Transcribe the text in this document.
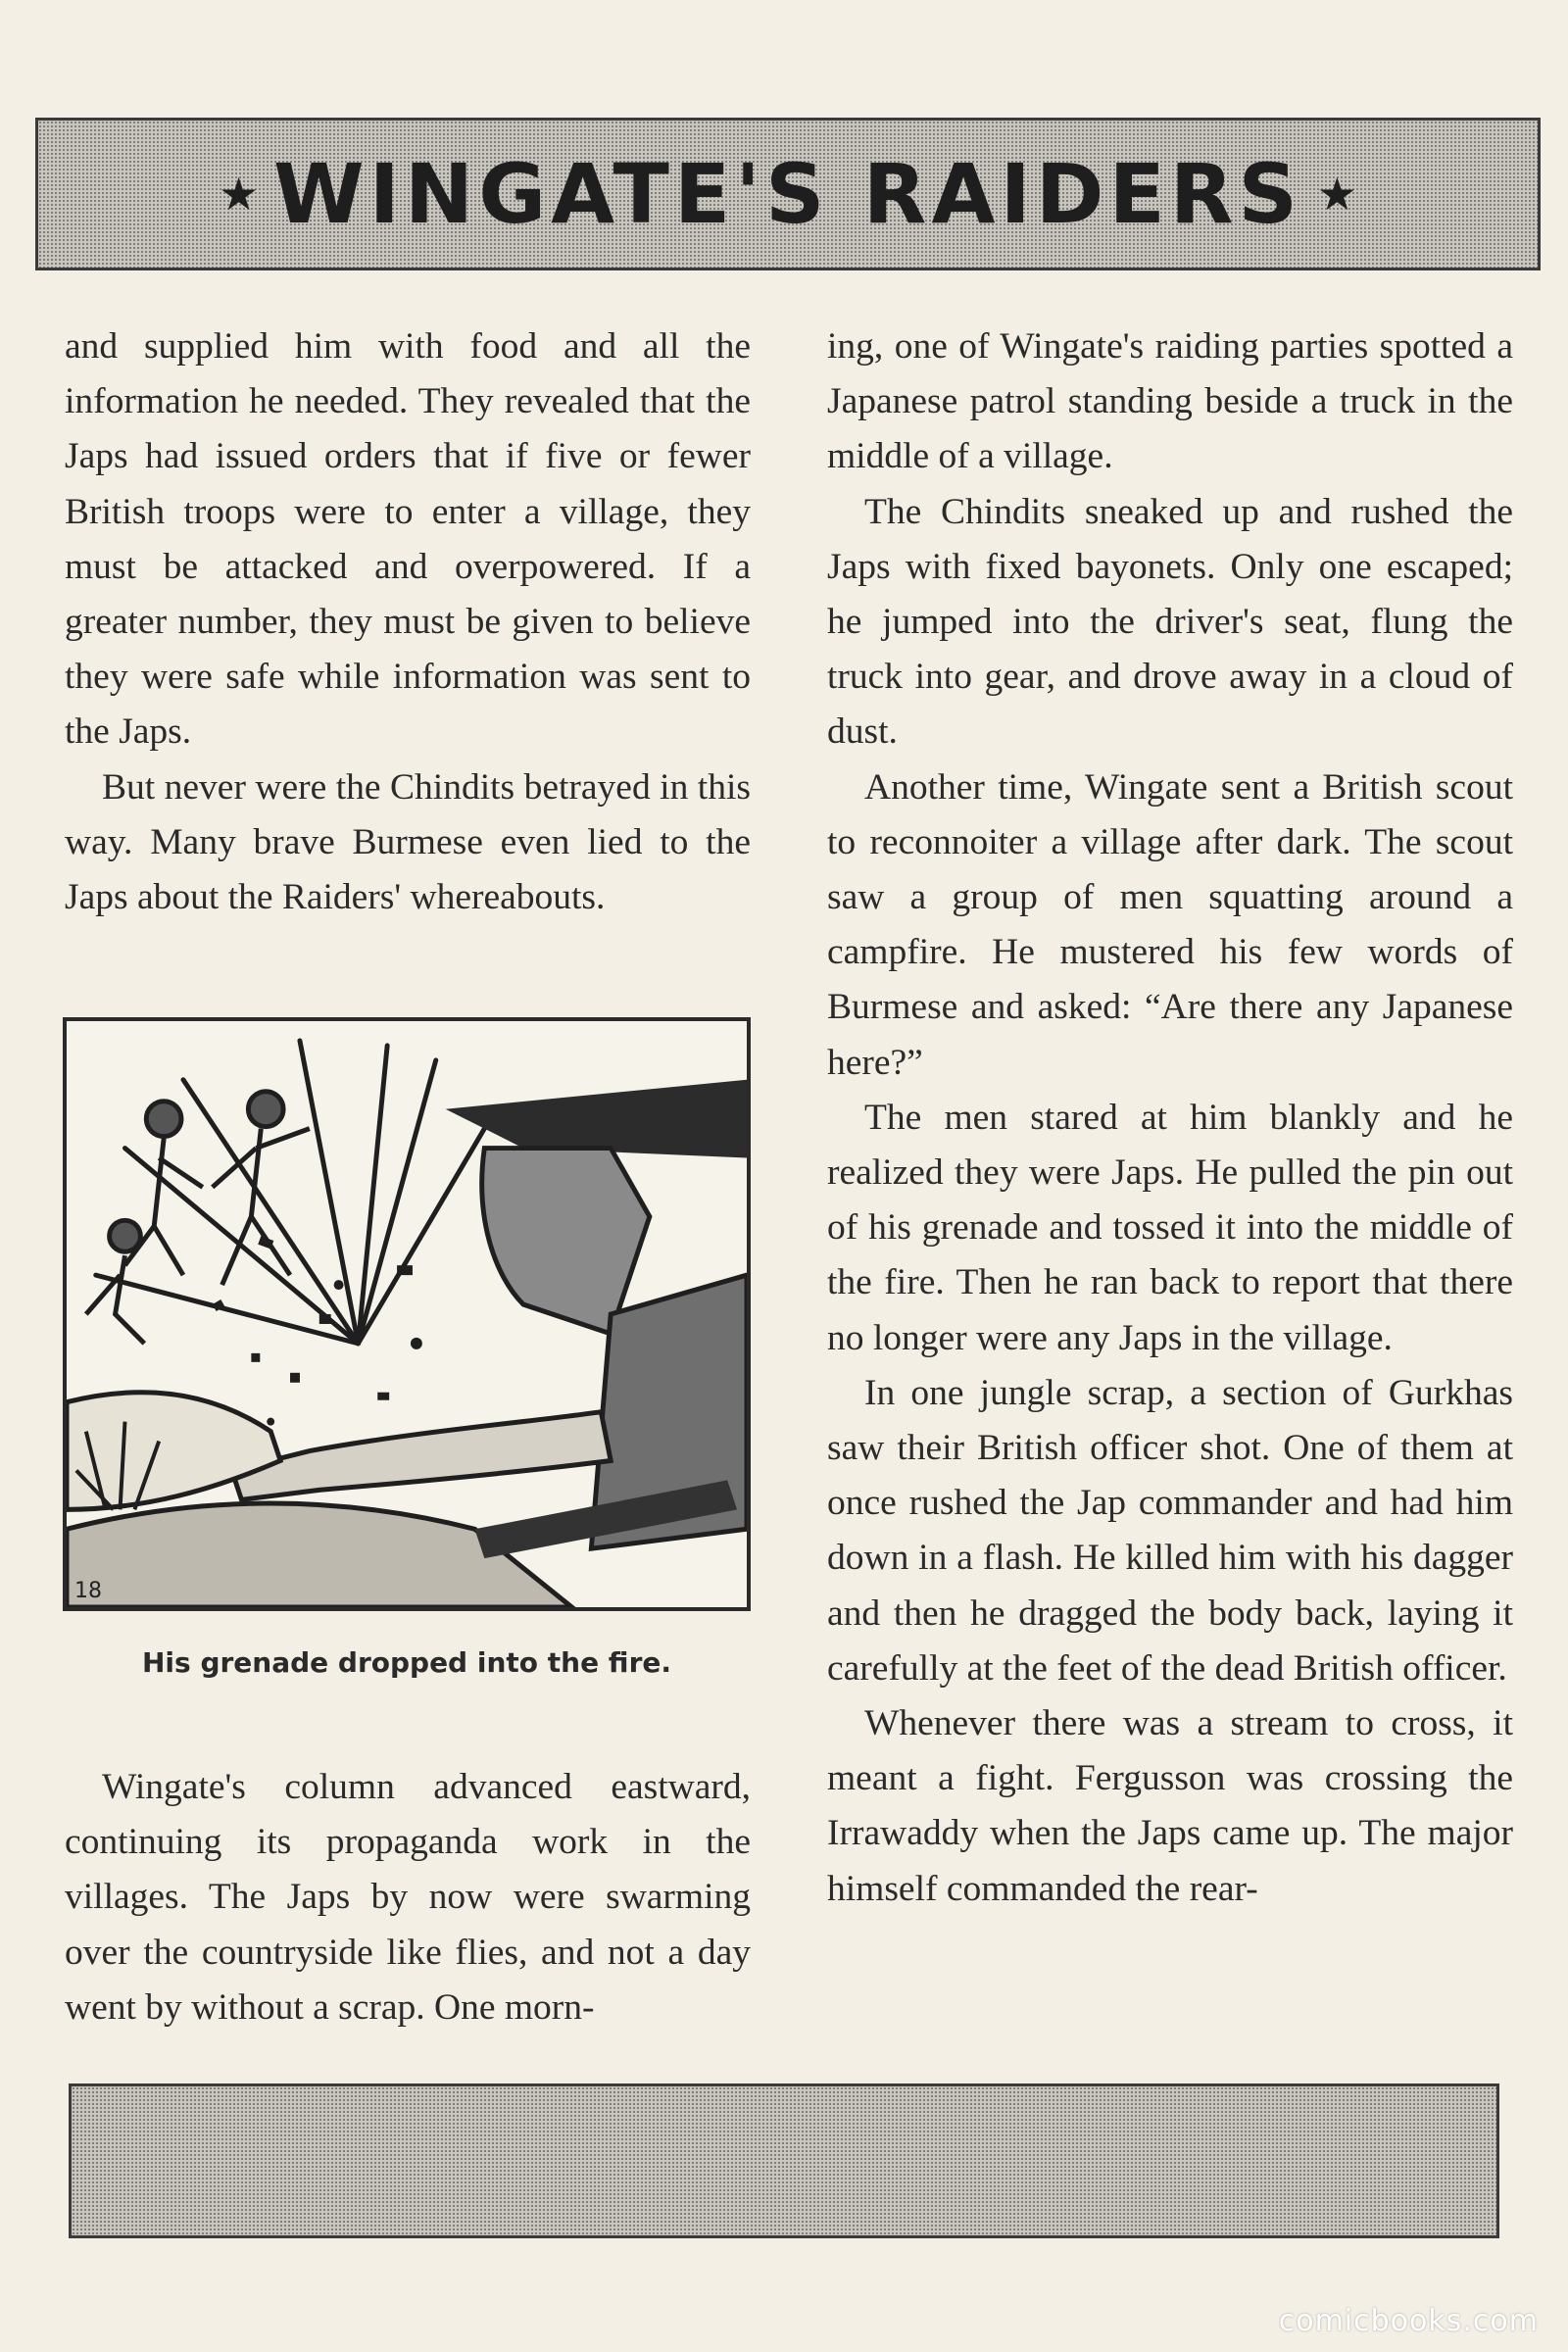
★ WINGATE'S RAIDERS ★

and supplied him with food and all the information he needed. They revealed that the Japs had issued orders that if five or fewer British troops were to enter a village, they must be attacked and overpowered. If a greater number, they must be given to believe they were safe while information was sent to the Japs.

But never were the Chindits betrayed in this way. Many brave Burmese even lied to the Japs about the Raiders' whereabouts.

18
His grenade dropped into the fire.

Wingate's column advanced eastward, continuing its propaganda work in the villages. The Japs by now were swarming over the countryside like flies, and not a day went by without a scrap. One morn-

ing, one of Wingate's raiding parties spotted a Japanese patrol standing beside a truck in the middle of a village.

The Chindits sneaked up and rushed the Japs with fixed bayonets. Only one escaped; he jumped into the driver's seat, flung the truck into gear, and drove away in a cloud of dust.

Another time, Wingate sent a British scout to reconnoiter a village after dark. The scout saw a group of men squatting around a campfire. He mustered his few words of Burmese and asked: “Are there any Japanese here?”

The men stared at him blankly and he realized they were Japs. He pulled the pin out of his grenade and tossed it into the middle of the fire. Then he ran back to report that there no longer were any Japs in the village.

In one jungle scrap, a section of Gurkhas saw their British officer shot. One of them at once rushed the Jap commander and had him down in a flash. He killed him with his dagger and then he dragged the body back, laying it carefully at the feet of the dead British officer.

Whenever there was a stream to cross, it meant a fight. Fergusson was crossing the Irrawaddy when the Japs came up. The major himself commanded the rear-

comicbooks.com
